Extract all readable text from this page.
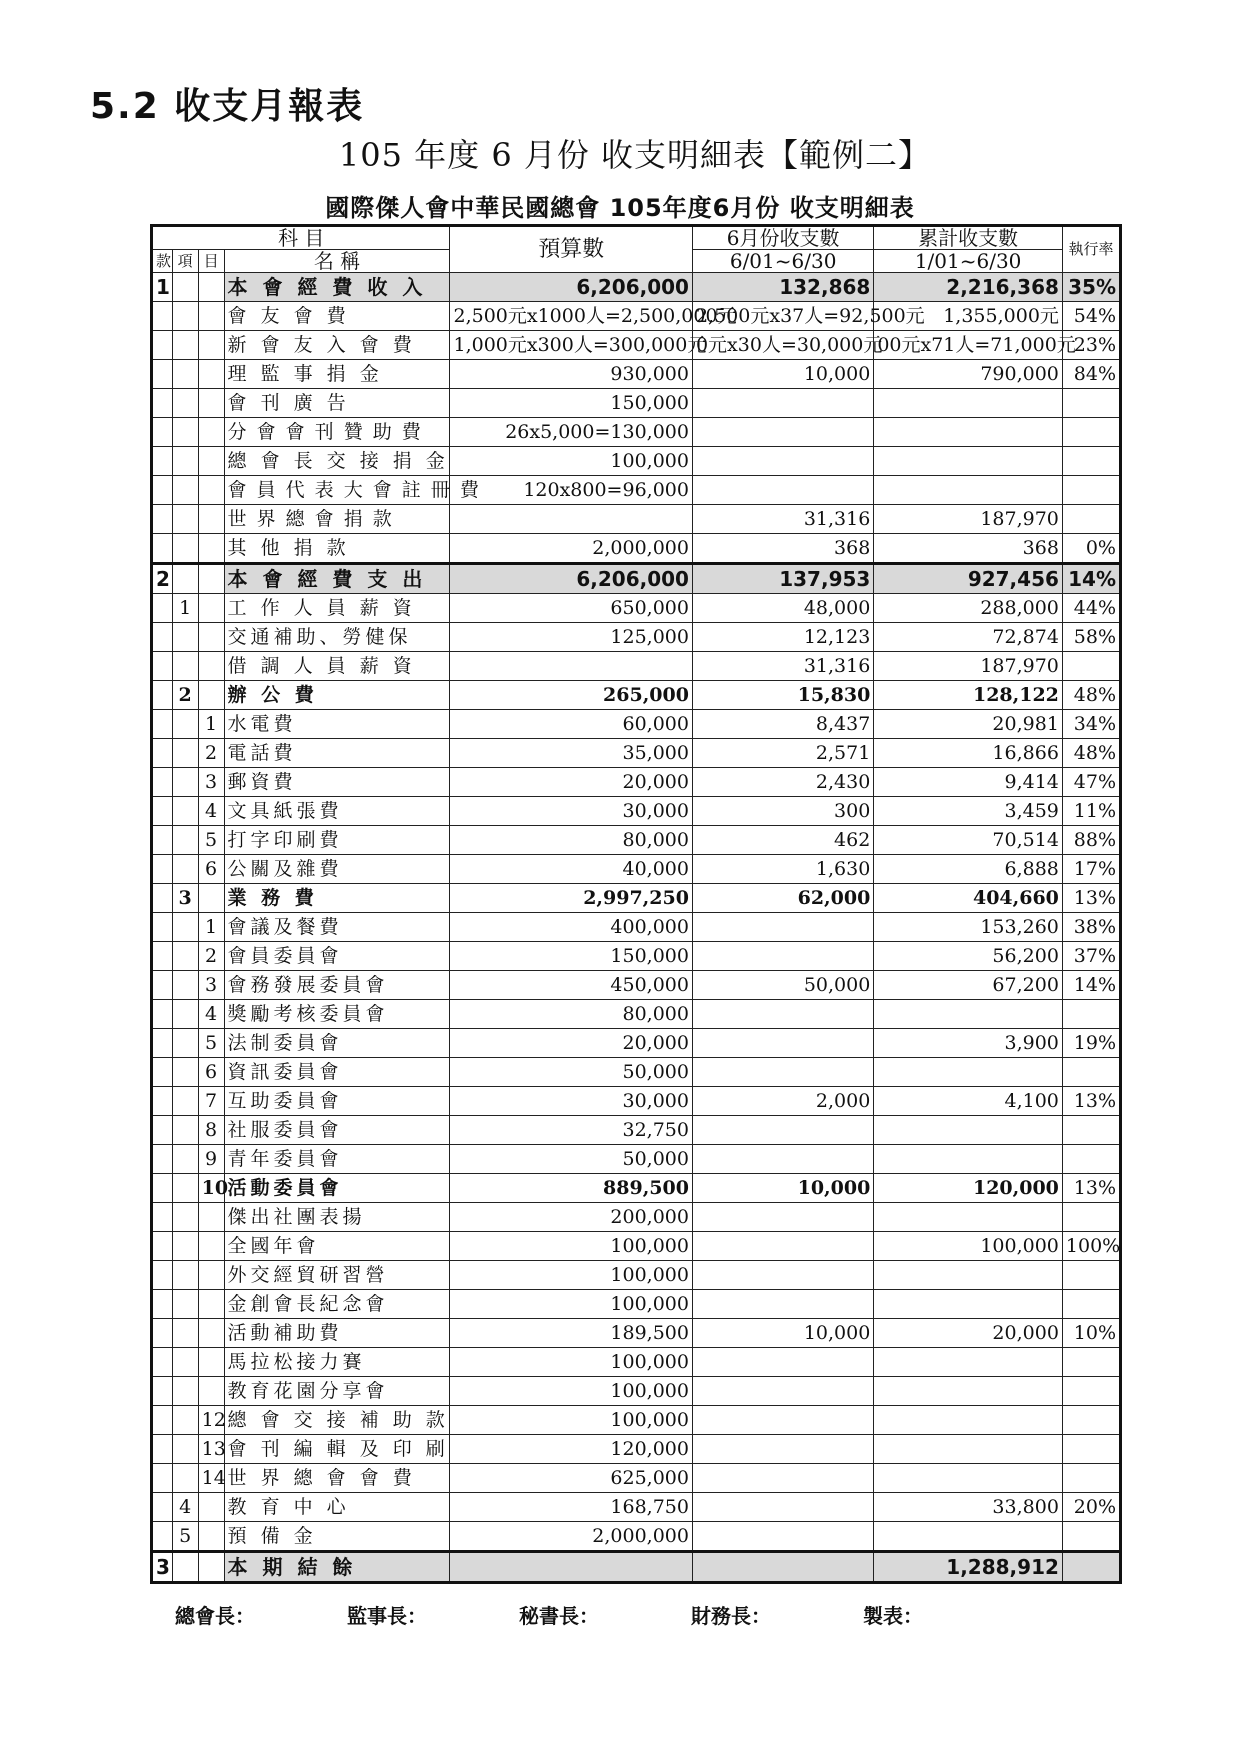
5.2 收支月報表
105 年度 6 月份 收支明細表【範例二】
國際傑人會中華民國總會 105年度6月份 收支明細表
科 目				預算數	6月份收支數	累計收支數	執行率
款	項	目	名 稱		6/01~6/30	1/01~6/30	
1			本 會 經 費 收 入	6,206,000	132,868	2,216,368	35%
			會 友 會 費	2,500元x1000人=2,500,000元	2,500元x37人=92,500元	1,355,000元	54%
			新 會 友 入 會 費	1,000元x300人=300,000元	0元x30人=30,000元	00元x71人=71,000元	23%
			理 監 事 捐 金	930,000	10,000	790,000	84%
			會 刊 廣 告	150,000			
			分 會 會 刊 贊 助 費	26x5,000=130,000			
			總 會 長 交 接 捐 金	100,000			
			會 員 代 表 大 會 註 冊 費	120x800=96,000			
			世 界 總 會 捐 款		31,316	187,970	
			其 他 捐 款	2,000,000	368	368	0%
2			本 會 經 費 支 出	6,206,000	137,953	927,456	14%
	1		工 作 人 員 薪 資	650,000	48,000	288,000	44%
			交通補助、勞健保	125,000	12,123	72,874	58%
			借 調 人 員 薪 資		31,316	187,970	
	2		辦 公 費	265,000	15,830	128,122	48%
		1	水電費	60,000	8,437	20,981	34%
		2	電話費	35,000	2,571	16,866	48%
		3	郵資費	20,000	2,430	9,414	47%
		4	文具紙張費	30,000	300	3,459	11%
		5	打字印刷費	80,000	462	70,514	88%
		6	公關及雜費	40,000	1,630	6,888	17%
	3		業 務 費	2,997,250	62,000	404,660	13%
		1	會議及餐費	400,000		153,260	38%
		2	會員委員會	150,000		56,200	37%
		3	會務發展委員會	450,000	50,000	67,200	14%
		4	獎勵考核委員會	80,000			
		5	法制委員會	20,000		3,900	19%
		6	資訊委員會	50,000			
		7	互助委員會	30,000	2,000	4,100	13%
		8	社服委員會	32,750			
		9	青年委員會	50,000			
		10	活動委員會	889,500	10,000	120,000	13%
			傑出社團表揚	200,000			
			全國年會	100,000		100,000	100%
			外交經貿研習營	100,000			
			金創會長紀念會	100,000			
			活動補助費	189,500	10,000	20,000	10%
			馬拉松接力賽	100,000			
			教育花園分享會	100,000			
		12	總 會 交 接 補 助 款	100,000			
		13	會 刊 編 輯 及 印 刷	120,000			
		14	世 界 總 會 會 費	625,000			
	4		教 育 中 心	168,750		33,800	20%
	5		預 備 金	2,000,000			
3			本 期 結 餘			1,288,912	
總會長：	監事長：	秘書長：	財務長：	製表：
